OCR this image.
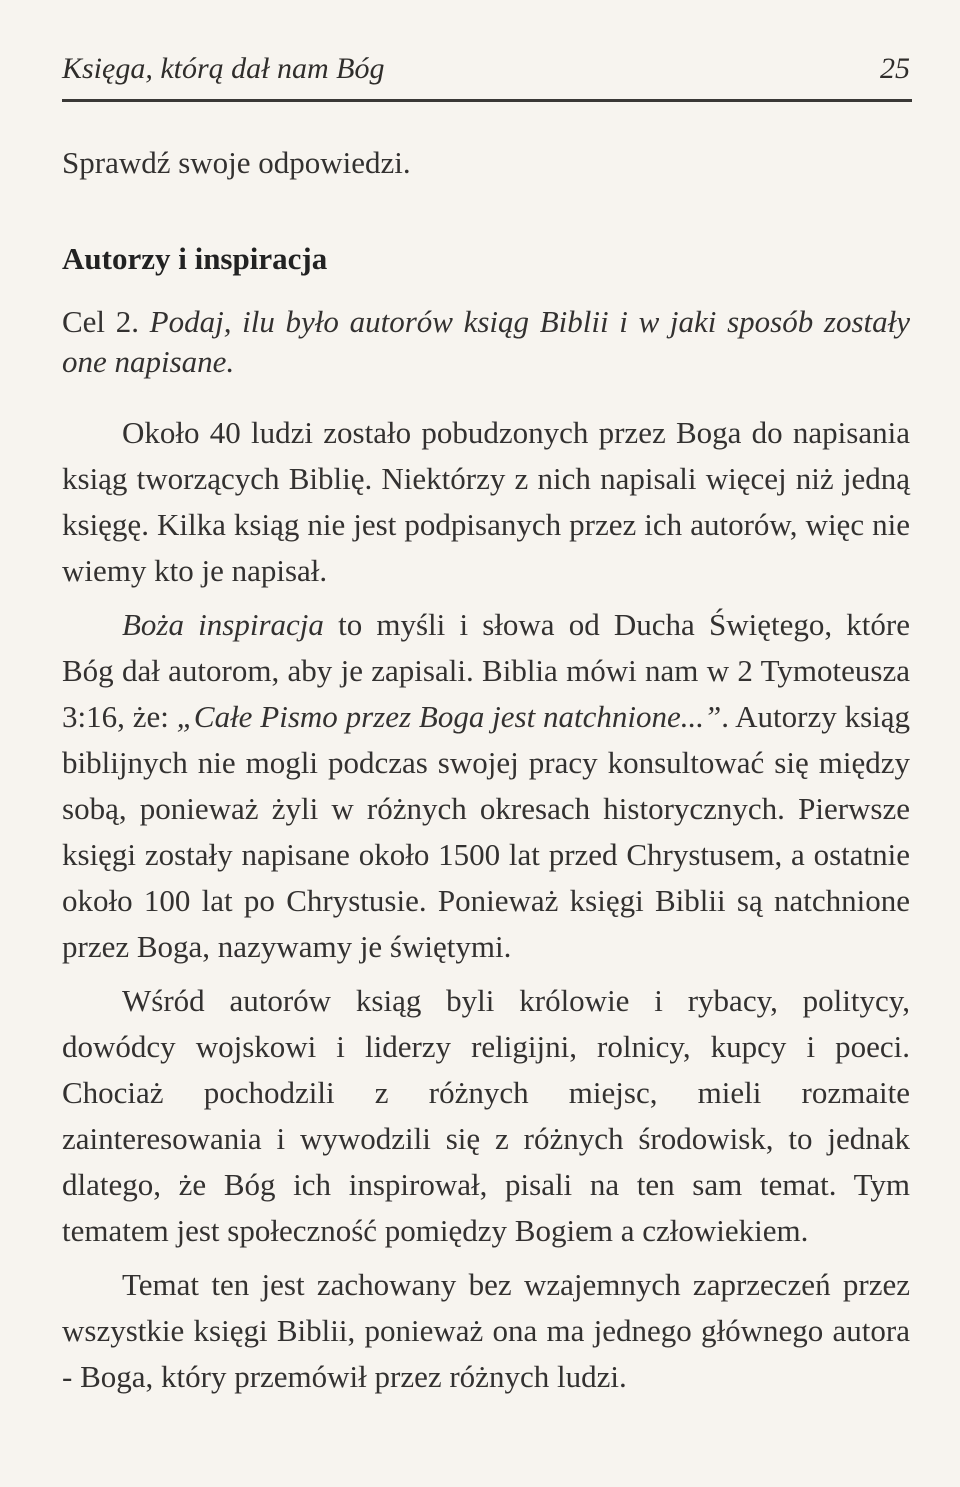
Księga, którą dał nam Bóg	25

Sprawdź swoje odpowiedzi.

Autorzy i inspiracja

Cel 2. Podaj, ilu było autorów ksiąg Biblii i w jaki sposób zostały one napisane.

Około 40 ludzi zostało pobudzonych przez Boga do napisania ksiąg tworzących Biblię. Niektórzy z nich napisali więcej niż jedną księgę. Kilka ksiąg nie jest podpisanych przez ich autorów, więc nie wiemy kto je napisał.

Boża inspiracja to myśli i słowa od Ducha Świętego, które Bóg dał autorom, aby je zapisali. Biblia mówi nam w 2 Tymoteusza 3:16, że: „Całe Pismo przez Boga jest natchnione...”. Autorzy ksiąg biblijnych nie mogli podczas swojej pracy konsultować się między sobą, ponieważ żyli w różnych okresach historycznych. Pierwsze księgi zostały napisane około 1500 lat przed Chrystusem, a ostatnie około 100 lat po Chrystusie. Ponieważ księgi Biblii są natchnione przez Boga, nazywamy je świętymi.

Wśród autorów ksiąg byli królowie i rybacy, politycy, dowódcy wojskowi i liderzy religijni, rolnicy, kupcy i poeci. Chociaż pochodzili z różnych miejsc, mieli rozmaite zainteresowania i wywodzili się z różnych środowisk, to jednak dlatego, że Bóg ich inspirował, pisali na ten sam temat. Tym tematem jest społeczność pomiędzy Bogiem a człowiekiem.

Temat ten jest zachowany bez wzajemnych zaprzeczeń przez wszystkie księgi Biblii, ponieważ ona ma jednego głównego autora - Boga, który przemówił przez różnych ludzi.
